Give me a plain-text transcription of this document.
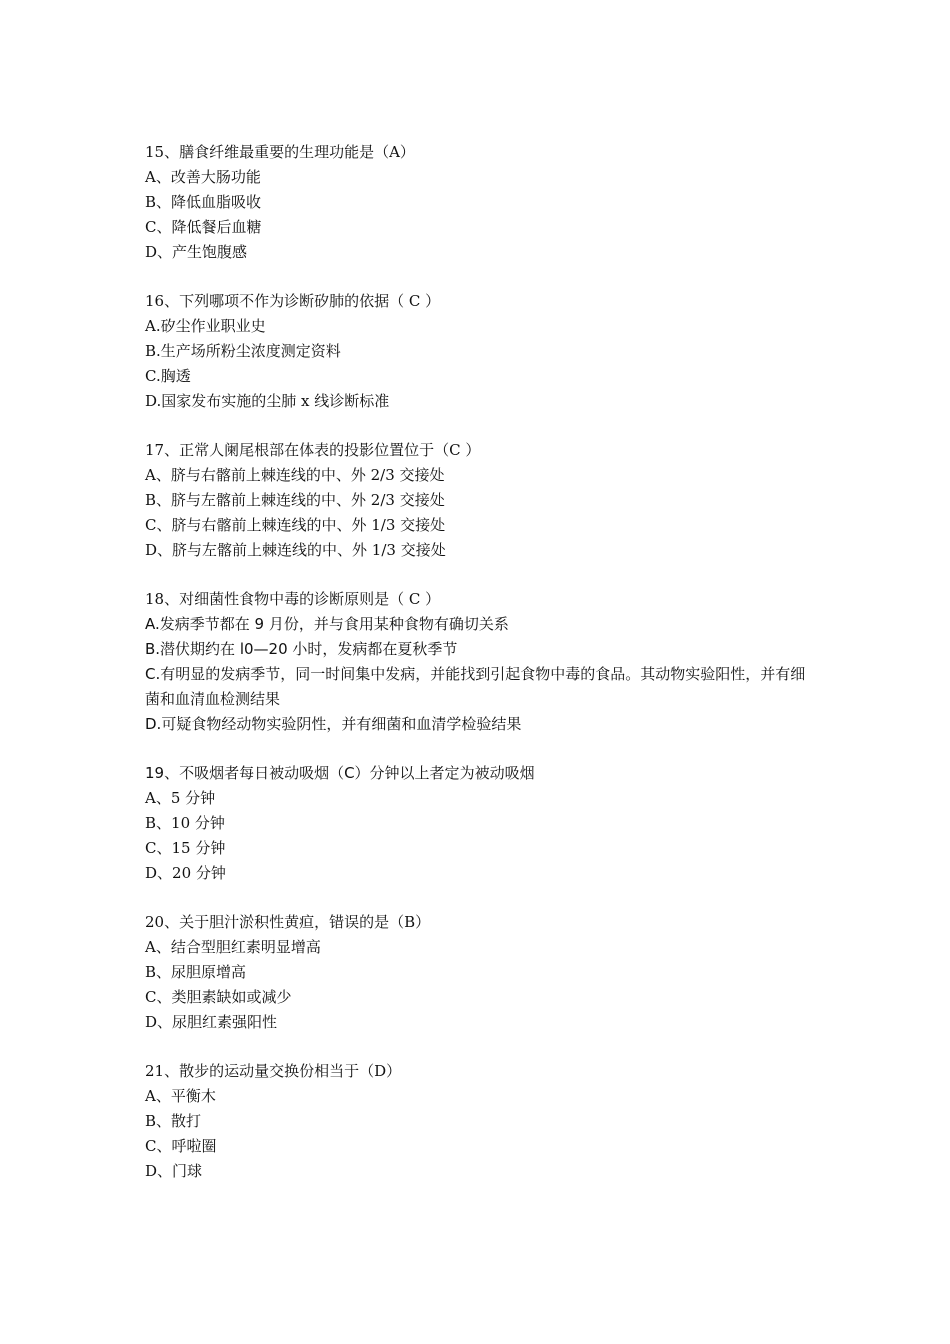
15、膳食纤维最重要的生理功能是（A）
A、改善大肠功能
B、降低血脂吸收
C、降低餐后血糖
D、产生饱腹感
16、下列哪项不作为诊断矽肺的依据（ C ）
A.矽尘作业职业史
B.生产场所粉尘浓度测定资料
C.胸透
D.国家发布实施的尘肺 x 线诊断标准
17、正常人阑尾根部在体表的投影位置位于（C ）
A、脐与右髂前上棘连线的中、外 2/3 交接处
B、脐与左髂前上棘连线的中、外 2/3 交接处
C、脐与右髂前上棘连线的中、外 1/3 交接处
D、脐与左髂前上棘连线的中、外 1/3 交接处
18、对细菌性食物中毒的诊断原则是（ C ）
A.发病季节都在 9 月份，并与食用某种食物有确切关系
B.潜伏期约在 l0—20 小时，发病都在夏秋季节
C.有明显的发病季节，同一时间集中发病，并能找到引起食物中毒的食品。其动物实验阳性，并有细菌和血清血检测结果
D.可疑食物经动物实验阴性，并有细菌和血清学检验结果
19、不吸烟者每日被动吸烟（C）分钟以上者定为被动吸烟
A、5 分钟
B、10 分钟
C、15 分钟
D、20 分钟
20、关于胆汁淤积性黄疸，错误的是（B）
A、结合型胆红素明显增高
B、尿胆原增高
C、类胆素缺如或减少
D、尿胆红素强阳性
21、散步的运动量交换份相当于（D）
A、平衡木
B、散打
C、呼啦圈
D、门球
